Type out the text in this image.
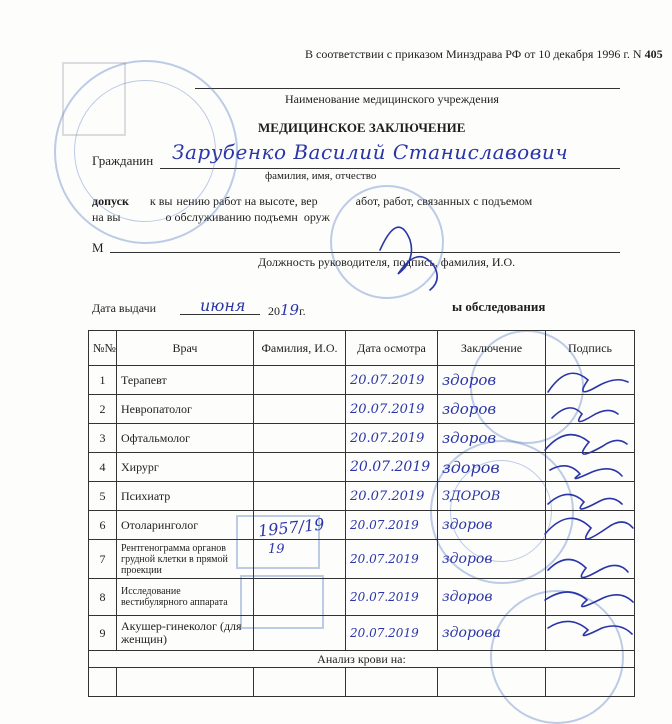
В соответствии с приказом Минздрава РФ от 10 декабря 1996 г. N 405
Наименование медицинского учреждения
МЕДИЦИНСКОЕ ЗАКЛЮЧЕНИЕ
Гражданин Зарубенко Василий Станиславович
фамилия, имя, отчество
допуск к вы нению работ на высоте, вер	абот, работ, связанных с подъемом
на вы	о обслуживанию подъемн оруж
М
Должность руководителя, подпись, фамилия, И.О.
Дата выдачи	июня 2019г.	ы обследования
№№	Врач	Фамилия, И.О.	Дата осмотра	Заключение	Подпись
1	Терапевт		20.07.2019	здоров	
2	Невропатолог		20.07.2019	здоров	
3	Офтальмолог		20.07.2019	здоров	
4	Хирург		20.07.2019	здоров	
5	Психиатр		20.07.2019	ЗДОРОВ	
6	Отоларинголог		20.07.2019	здоров	
7	Рентгенограмма органов грудной клетки в прямой проекции		20.07.2019	здоров	
8	Исследование вестибулярного аппарата		20.07.2019	здоров	
9	Акушер-гинеколог (для женщин)		20.07.2019	здорова	
Анализ крови на:					

1957/19
19
